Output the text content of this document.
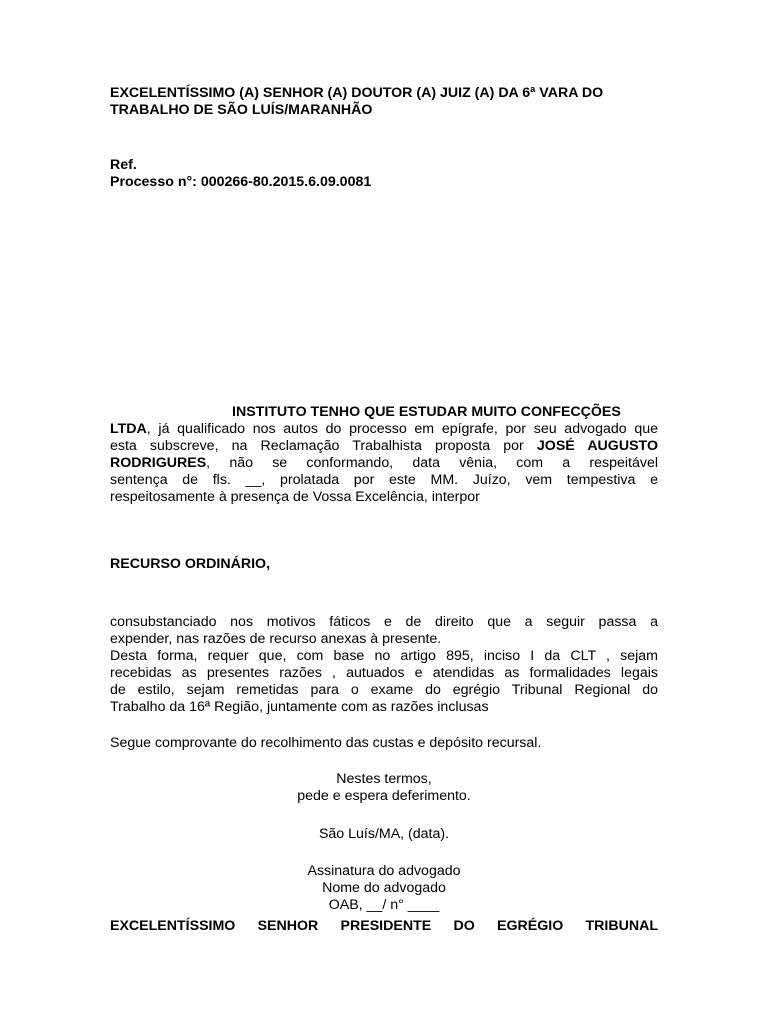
EXCELENTÍSSIMO (A) SENHOR (A) DOUTOR (A) JUIZ (A) DA 6ª VARA DO
TRABALHO DE SÃO LUÍS/MARANHÃO
Ref.
Processo n°: 000266-80.2015.6.09.0081
INSTITUTO TENHO QUE ESTUDAR MUITO CONFECÇÕES
LTDA, já qualificado nos autos do processo em epígrafe, por seu advogado que
esta subscreve, na Reclamação Trabalhista proposta por JOSÉ AUGUSTO
RODRIGURES, não se conformando, data vênia, com a respeitável
sentença de fls. __, prolatada por este MM. Juízo, vem tempestiva e
respeitosamente à presença de Vossa Excelência, interpor
RECURSO ORDINÁRIO,
consubstanciado nos motivos fáticos e de direito que a seguir passa a
expender, nas razões de recurso anexas à presente.
Desta forma, requer que, com base no artigo 895, inciso I da CLT , sejam
recebidas as presentes razões , autuados e atendidas as formalidades legais
de estilo, sejam remetidas para o exame do egrégio Tribunal Regional do
Trabalho da 16ª Região, juntamente com as razões inclusas
Segue comprovante do recolhimento das custas e depósito recursal.
Nestes termos,
pede e espera deferimento.
São Luís/MA, (data).
Assinatura do advogado
Nome do advogado
OAB, __/ n° ____
EXCELENTÍSSIMO SENHOR PRESIDENTE DO EGRÉGIO TRIBUNAL
